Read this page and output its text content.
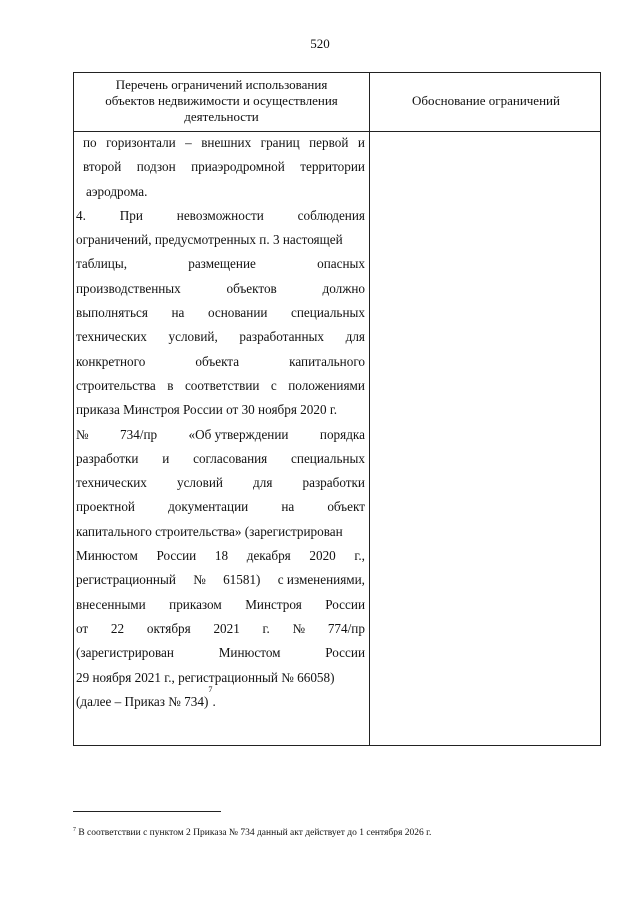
520
Перечень ограничений использования
объектов недвижимости и осуществления
деятельности
Обоснование ограничений
по горизонтали – внешних границ первой и
второй подзон приаэродромной территории
аэродрома.
4.	При	невозможности	соблюдения
ограничений, предусмотренных п. 3 настоящей
таблицы,	размещение	опасных
производственных	объектов	должно
выполняться на основании специальных
технических условий, разработанных для
конкретного	объекта	капитального
строительства в соответствии с положениями
приказа Минстроя России от 30 ноября 2020 г.
№ 734/пр «Об утверждении порядка
разработки и согласования специальных
технических условий для разработки
проектной	документации	на	объект
капитального строительства» (зарегистрирован
Минюстом России 18 декабря 2020 г.,
регистрационный № 61581) с изменениями,
внесенными приказом Минстроя России
от 22 октября 2021 г. № 774/пр
(зарегистрирован	Минюстом	России
29 ноября 2021 г., регистрационный № 66058)
(далее – Приказ № 734)
7
.
$^7$ В соответствии с пунктом 2 Приказа № 734 данный акт действует до 1 сентября 2026 г.
